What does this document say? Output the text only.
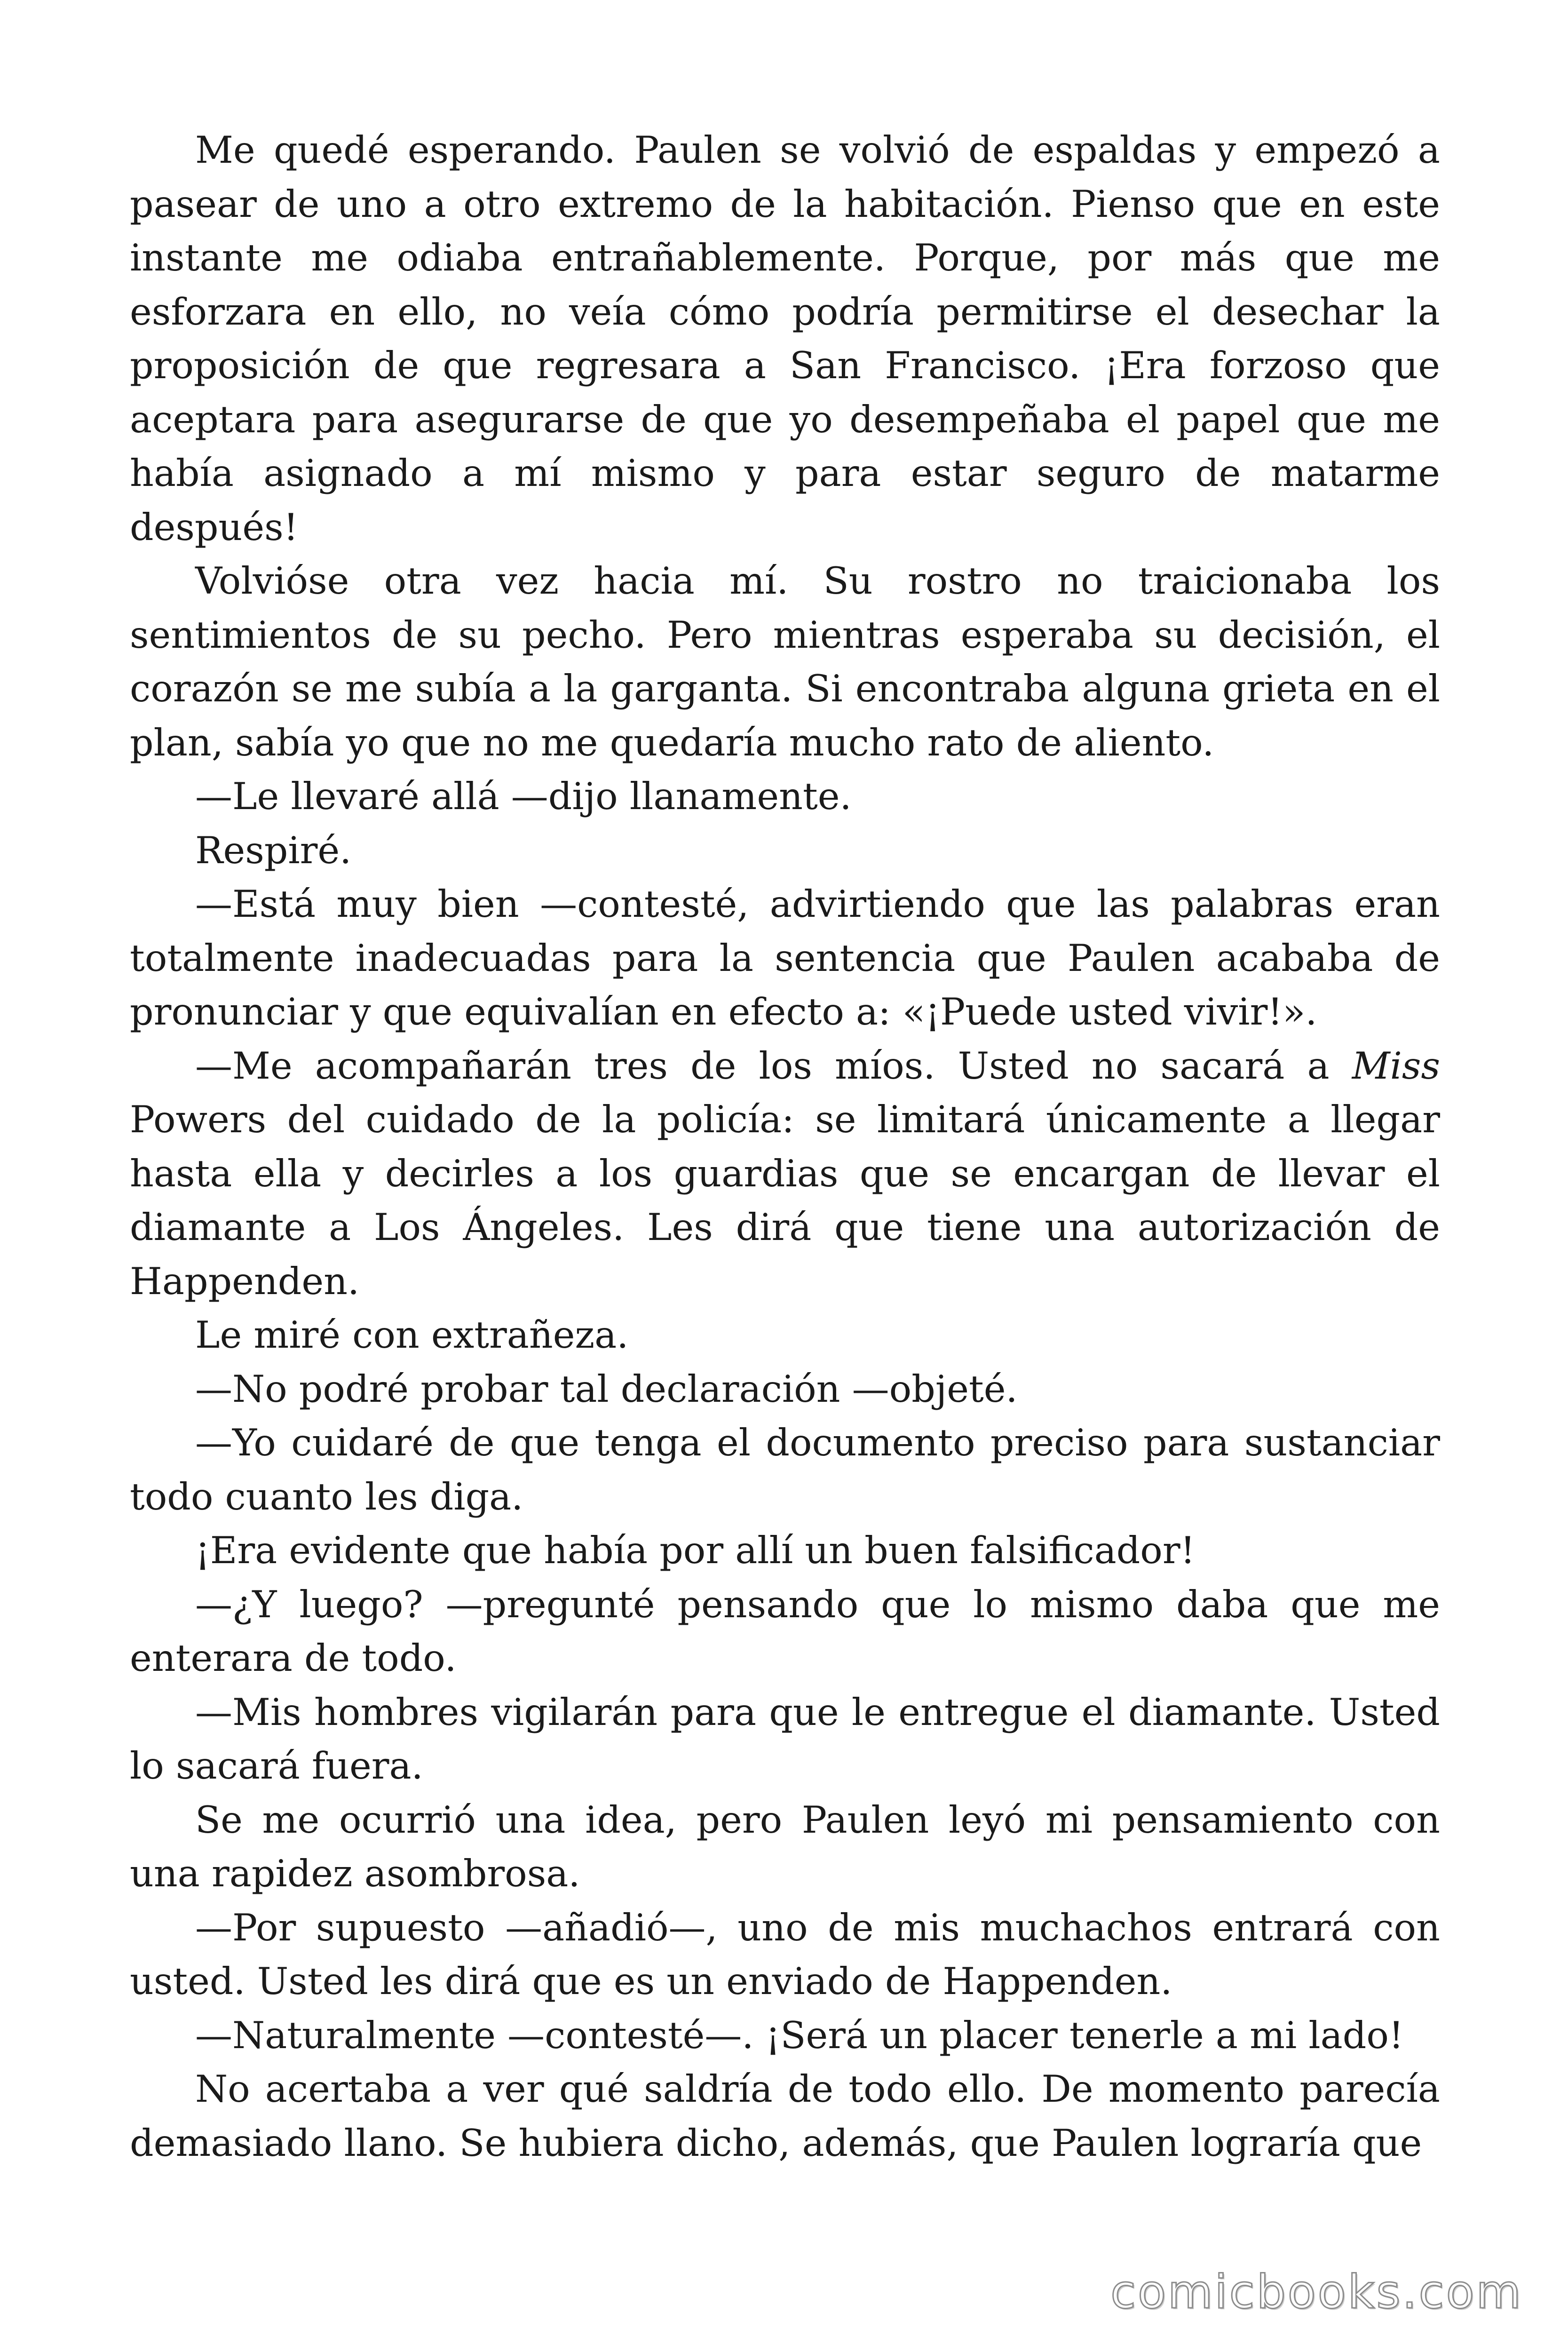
Me quedé esperando. Paulen se volvió de espaldas y empezó a pasear de uno a otro extremo de la habitación. Pienso que en este instante me odiaba entrañablemente. Porque, por más que me esforzara en ello, no veía cómo podría permitirse el desechar la proposición de que regresara a San Francisco. ¡Era forzoso que aceptara para asegurarse de que yo desempeñaba el papel que me había asignado a mí mismo y para estar seguro de matarme después!

Volvióse otra vez hacia mí. Su rostro no traicionaba los sentimientos de su pecho. Pero mientras esperaba su decisión, el corazón se me subía a la garganta. Si encontraba alguna grieta en el plan, sabía yo que no me quedaría mucho rato de aliento.

—Le llevaré allá —dijo llanamente.

Respiré.

—Está muy bien —contesté, advirtiendo que las palabras eran totalmente inadecuadas para la sentencia que Paulen acababa de pronunciar y que equivalían en efecto a: «¡Puede usted vivir!».

—Me acompañarán tres de los míos. Usted no sacará a Miss Powers del cuidado de la policía: se limitará únicamente a llegar hasta ella y decirles a los guardias que se encargan de llevar el diamante a Los Ángeles. Les dirá que tiene una autorización de Happenden.

Le miré con extrañeza.

—No podré probar tal declaración —objeté.

—Yo cuidaré de que tenga el documento preciso para sustanciar todo cuanto les diga.

¡Era evidente que había por allí un buen falsificador!

—¿Y luego? —pregunté pensando que lo mismo daba que me enterara de todo.

—Mis hombres vigilarán para que le entregue el diamante. Usted lo sacará fuera.

Se me ocurrió una idea, pero Paulen leyó mi pensamiento con una rapidez asombrosa.

—Por supuesto —añadió—, uno de mis muchachos entrará con usted. Usted les dirá que es un enviado de Happenden.

—Naturalmente —contesté—. ¡Será un placer tenerle a mi lado!

No acertaba a ver qué saldría de todo ello. De momento parecía demasiado llano. Se hubiera dicho, además, que Paulen lograría que

comicbooks.com
